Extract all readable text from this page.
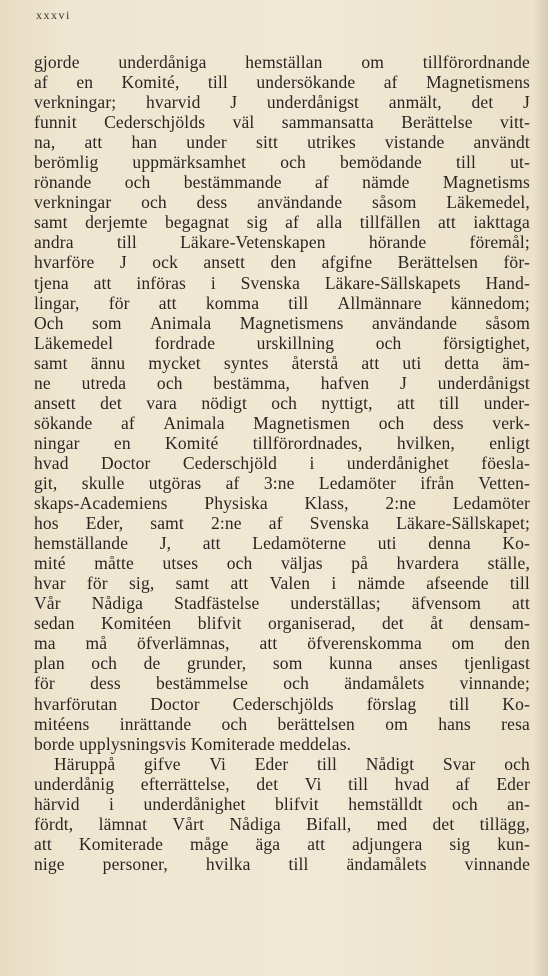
xxxvi
gjorde underdåniga hemställan om tillförordnande
af en Komité, till undersökande af Magnetismens
verkningar; hvarvid J underdånigst anmält, det J
funnit Cederschjölds väl sammansatta Berättelse vitt-
na, att han under sitt utrikes vistande användt
berömlig uppmärksamhet och bemödande till ut-
rönande och bestämmande af nämde Magnetisms
verkningar och dess användande såsom Läkemedel,
samt derjemte begagnat sig af alla tillfällen att iakttaga
andra till Läkare-Vetenskapen hörande föremål;
hvarföre J ock ansett den afgifne Berättelsen för-
tjena att införas i Svenska Läkare-Sällskapets Hand-
lingar, för att komma till Allmännare kännedom;
Och som Animala Magnetismens användande såsom
Läkemedel fordrade urskillning och försigtighet,
samt ännu mycket syntes återstå att uti detta äm-
ne utreda och bestämma, hafven J underdånigst
ansett det vara nödigt och nyttigt, att till under-
sökande af Animala Magnetismen och dess verk-
ningar en Komité tillförordnades, hvilken, enligt
hvad Doctor Cederschjöld i underdånighet föesla-
git, skulle utgöras af 3:ne Ledamöter ifrån Vetten-
skaps-Academiens Physiska Klass, 2:ne Ledamöter
hos Eder, samt 2:ne af Svenska Läkare-Sällskapet;
hemställande J, att Ledamöterne uti denna Ko-
mité måtte utses och väljas på hvardera ställe,
hvar för sig, samt att Valen i nämde afseende till
Vår Nådiga Stadfästelse underställas; äfvensom att
sedan Komitéen blifvit organiserad, det åt densam-
ma må öfverlämnas, att öfverenskomma om den
plan och de grunder, som kunna anses tjenligast
för dess bestämmelse och ändamålets vinnande;
hvarförutan Doctor Cederschjölds förslag till Ko-
mitéens inrättande och berättelsen om hans resa
borde upplysningsvis Komiterade meddelas.
Häruppå gifve Vi Eder till Nådigt Svar och
underdånig efterrättelse, det Vi till hvad af Eder
härvid i underdånighet blifvit hemställdt och an-
fördt, lämnat Vårt Nådiga Bifall, med det tillägg,
att Komiterade måge äga att adjungera sig kun-
nige personer, hvilka till ändamålets vinnande
